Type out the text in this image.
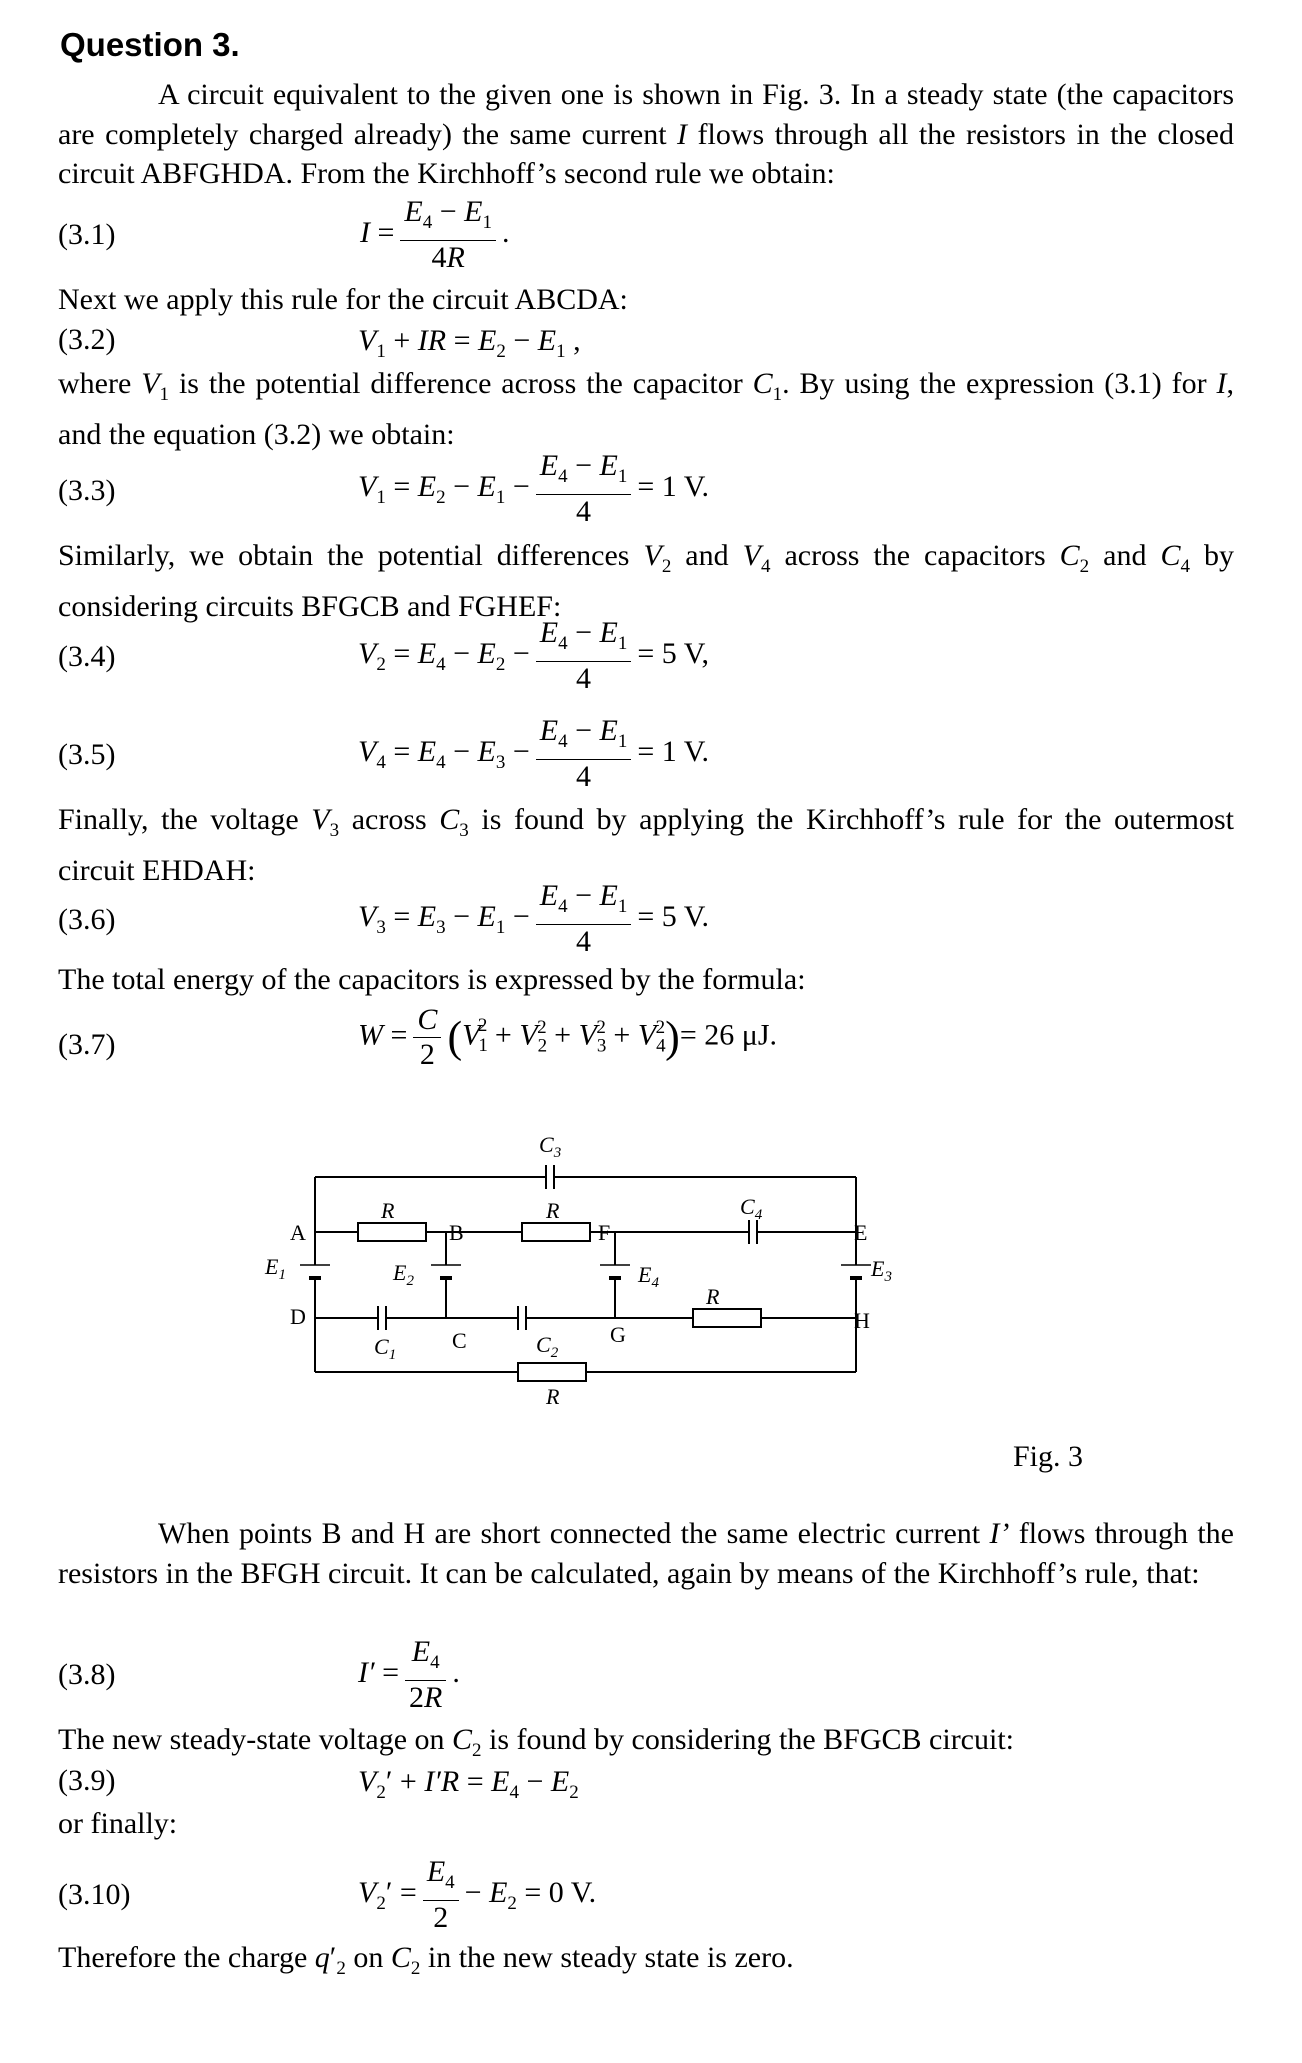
Question 3.
A circuit equivalent to the given one is shown in Fig. 3. In a steady state (the capacitors are completely charged already) the same current I flows through all the resistors in the closed circuit ABFGHDA. From the Kirchhoff’s second rule we obtain:
(3.1)	$I = \frac{E_4 - E_1}{4R}$ .
Next we apply this rule for the circuit ABCDA:
(3.2)	$V_1$ + IR = $E_2 - E_1$ ,
where $V_1$ is the potential difference across the capacitor $C_1$. By using the expression (3.1) for I, and the equation (3.2) we obtain:
(3.3)	$V_1 = E_2 - E_1 - \frac{E_4 - E_1}{4} = 1$ V.
Similarly, we obtain the potential differences $V_2$ and $V_4$ across the capacitors $C_2$ and $C_4$ by considering circuits BFGCB and FGHEF:
(3.4)	$V_2 = E_4 - E_2 - \frac{E_4 - E_1}{4} = 5$ V,
(3.5)	$V_4 = E_4 - E_3 - \frac{E_4 - E_1}{4} = 1$ V.
Finally, the voltage $V_3$ across $C_3$ is found by applying the Kirchhoff’s rule for the outermost circuit EHDAH:
(3.6)	$V_3 = E_3 - E_1 - \frac{E_4 - E_1}{4} = 5$ V.
The total energy of the capacitors is expressed by the formula:
(3.7)	$W = \frac{C}{2} (V_1^2 + V_2^2 + V_3^2 + V_4^2)= 26$ μJ.
A	F
D
E
H
B
C	G
R	R
R
R
$C_3$
$C_4$
$C_1$	$C_2$
$E_1$	$E_2$	$E_4$
$E_3$
Fig. 3
When points B and H are short connected the same electric current I’ flows through the resistors in the BFGH circuit. It can be calculated, again by means of the Kirchhoff’s rule, that:
(3.8)	$I' = \frac{E_4}{2R}$ .
The new steady-state voltage on $C_2$ is found by considering the BFGCB circuit:
(3.9)	$V_2' + I'R = E_4 - E_2$
or finally:
(3.10)	$V_2' = \frac{E_4}{2} - E_2 = 0$ V.
Therefore the charge $q'_2$ on $C_2$ in the new steady state is zero.
